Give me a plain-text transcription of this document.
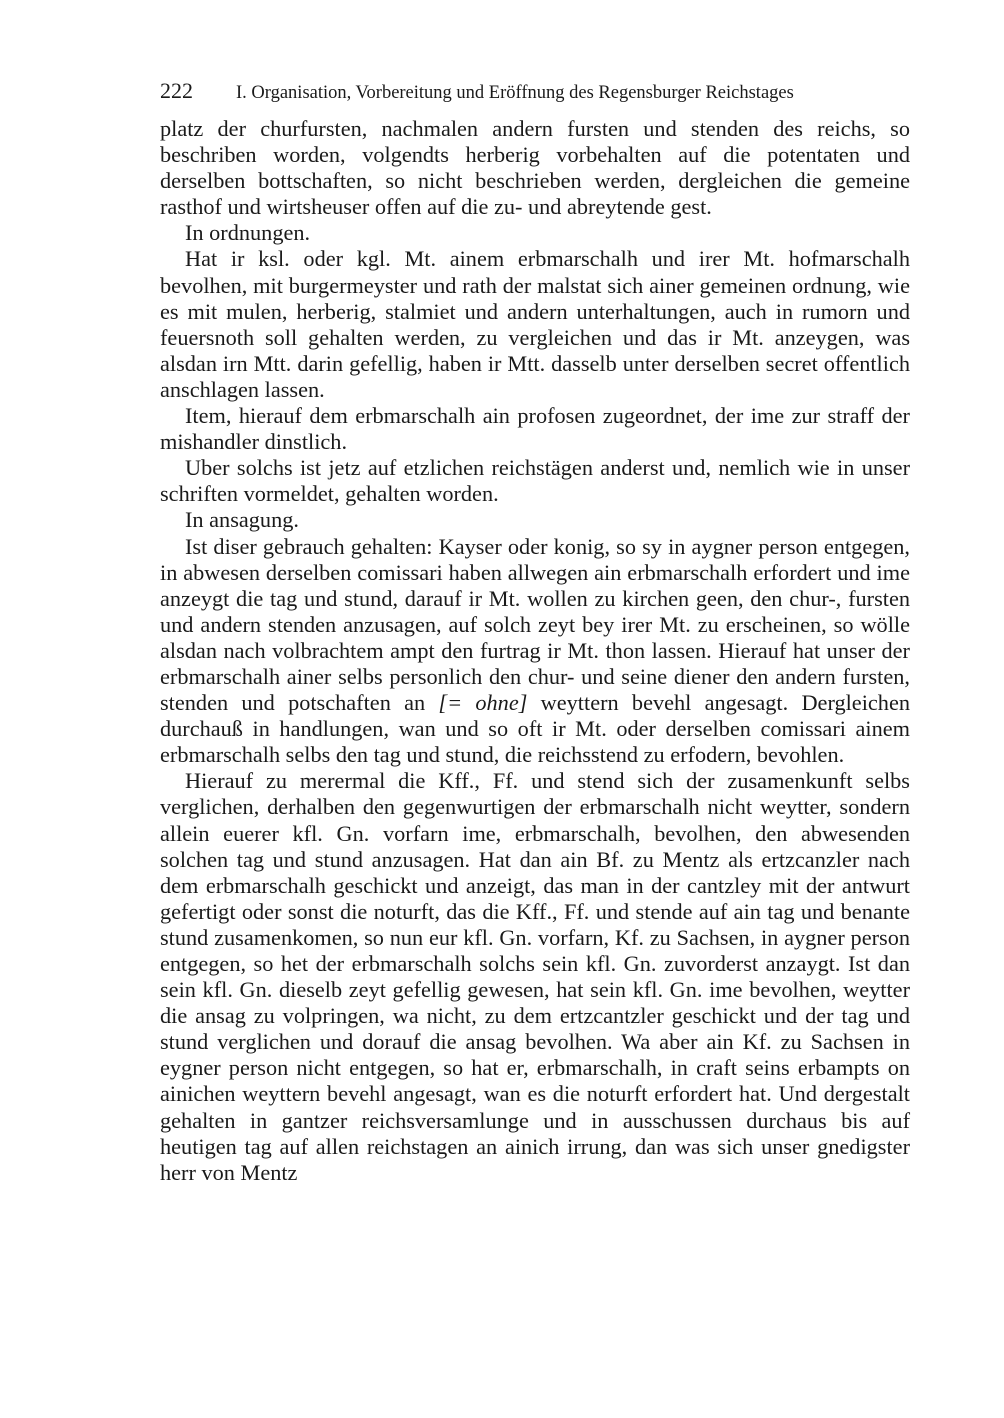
222	I. Organisation, Vorbereitung und Eröffnung des Regensburger Reichstages

platz der churfursten, nachmalen andern fursten und stenden des reichs, so beschriben worden, volgendts herberig vorbehalten auf die potentaten und derselben bottschaften, so nicht beschrieben werden, dergleichen die gemeine rasthof und wirtsheuser offen auf die zu- und abreytende gest.

In ordnungen.

Hat ir ksl. oder kgl. Mt. ainem erbmarschalh und irer Mt. hofmarschalh bevolhen, mit burgermeyster und rath der malstat sich ainer gemeinen ordnung, wie es mit mulen, herberig, stalmiet und andern unterhaltungen, auch in rumorn und feuersnoth soll gehalten werden, zu vergleichen und das ir Mt. anzeygen, was alsdan irn Mtt. darin gefellig, haben ir Mtt. dasselb unter derselben secret offentlich anschlagen lassen.

Item, hierauf dem erbmarschalh ain profosen zugeordnet, der ime zur straff der mishandler dinstlich.

Uber solchs ist jetz auf etzlichen reichstägen anderst und, nemlich wie in unser schriften vormeldet, gehalten worden.

In ansagung.

Ist diser gebrauch gehalten: Kayser oder konig, so sy in aygner person entgegen, in abwesen derselben comissari haben allwegen ain erbmarschalh erfordert und ime anzeygt die tag und stund, darauf ir Mt. wollen zu kirchen geen, den chur-, fursten und andern stenden anzusagen, auf solch zeyt bey irer Mt. zu erscheinen, so wölle alsdan nach volbrachtem ampt den furtrag ir Mt. thon lassen. Hierauf hat unser der erbmarschalh ainer selbs personlich den chur- und seine diener den andern fursten, stenden und potschaften an [= ohne] weyttern bevehl angesagt. Dergleichen durchauß in handlungen, wan und so oft ir Mt. oder derselben comissari ainem erbmarschalh selbs den tag und stund, die reichsstend zu erfodern, bevohlen.

Hierauf zu merermal die Kff., Ff. und stend sich der zusamenkunft selbs verglichen, derhalben den gegenwurtigen der erbmarschalh nicht weytter, sondern allein euerer kfl. Gn. vorfarn ime, erbmarschalh, bevolhen, den abwesenden solchen tag und stund anzusagen. Hat dan ain Bf. zu Mentz als ertzcanzler nach dem erbmarschalh geschickt und anzeigt, das man in der cantzley mit der antwurt gefertigt oder sonst die noturft, das die Kff., Ff. und stende auf ain tag und benante stund zusamenkomen, so nun eur kfl. Gn. vorfarn, Kf. zu Sachsen, in aygner person entgegen, so het der erbmarschalh solchs sein kfl. Gn. zuvorderst anzaygt. Ist dan sein kfl. Gn. dieselb zeyt gefellig gewesen, hat sein kfl. Gn. ime bevolhen, weytter die ansag zu volpringen, wa nicht, zu dem ertzcantzler geschickt und der tag und stund verglichen und dorauf die ansag bevolhen. Wa aber ain Kf. zu Sachsen in eygner person nicht entgegen, so hat er, erbmarschalh, in craft seins erbampts on ainichen weyttern bevehl angesagt, wan es die noturft erfordert hat. Und dergestalt gehalten in gantzer reichsversamlunge und in ausschussen durchaus bis auf heutigen tag auf allen reichstagen an ainich irrung, dan was sich unser gnedigster herr von Mentz
